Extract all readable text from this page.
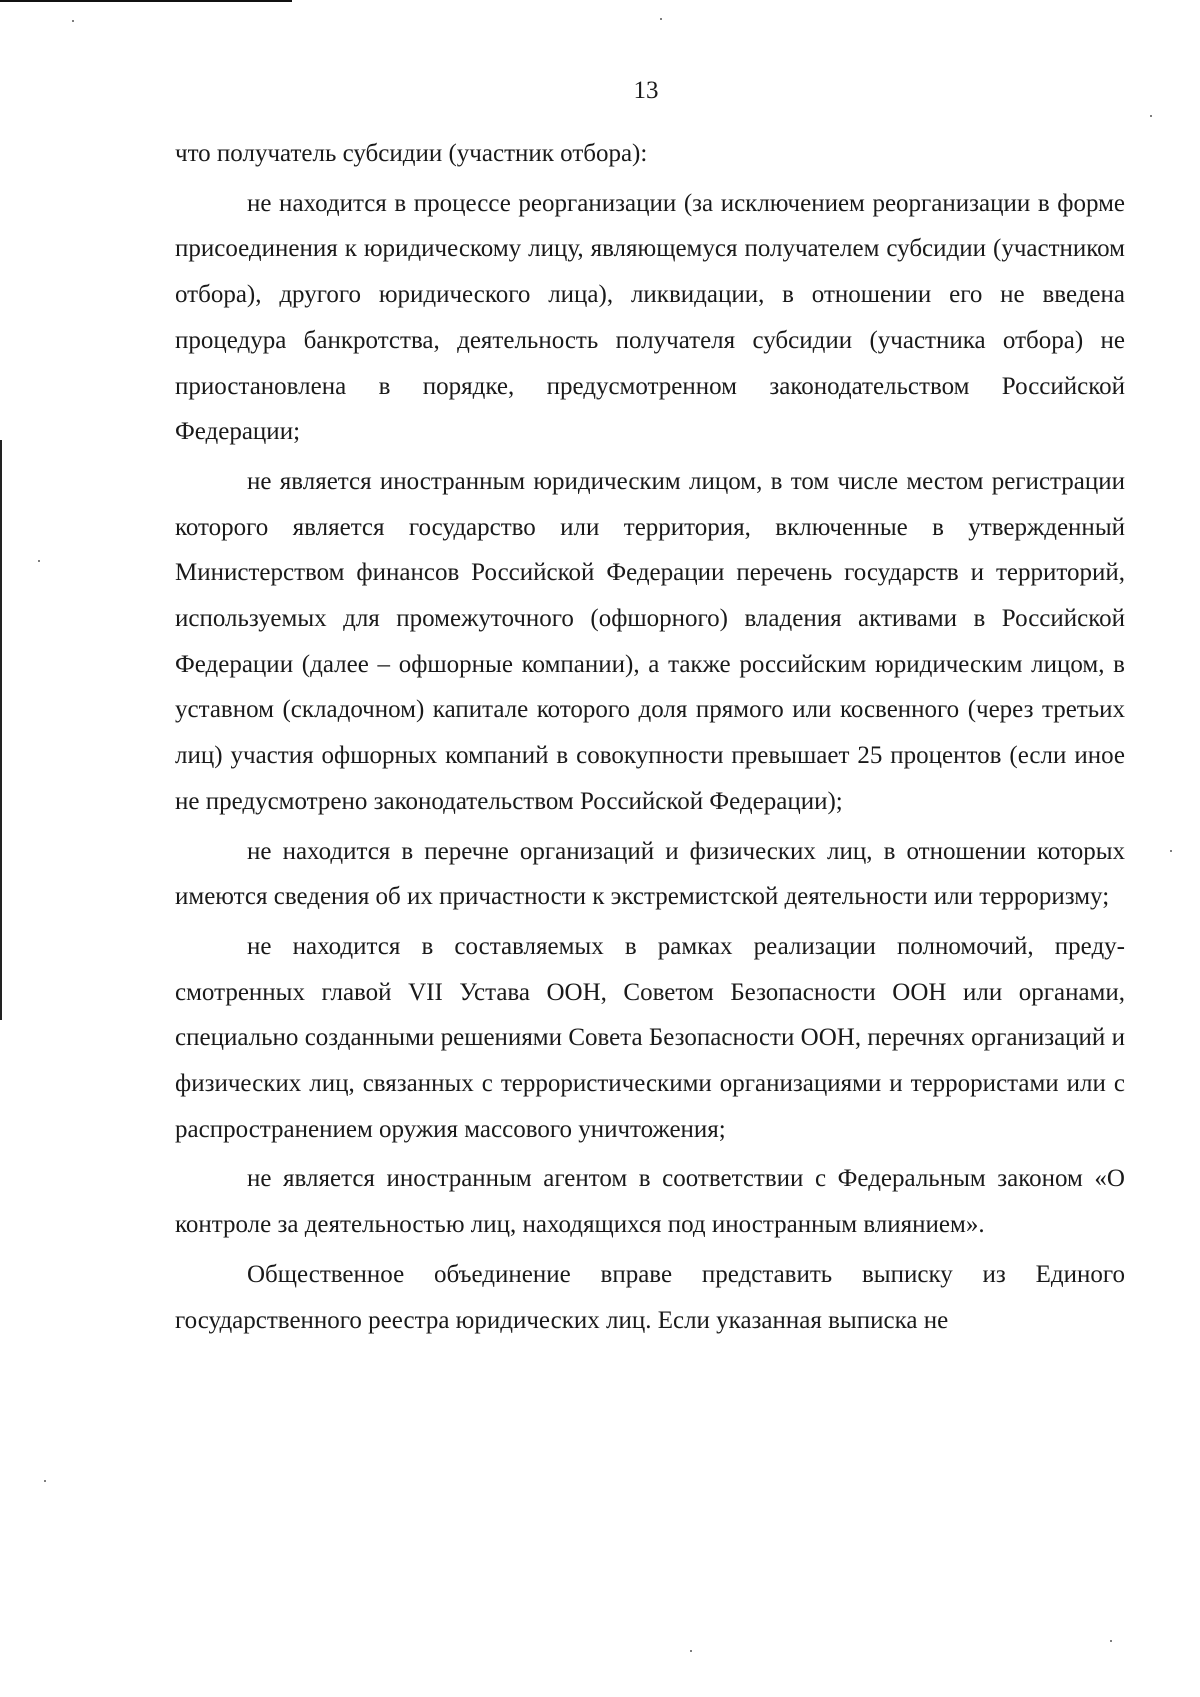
13

что получатель субсидии (участник отбора):

не находится в процессе реорганизации (за исключением реорганизации в форме присоединения к юридическому лицу, являющемуся получателем субсидии (участником отбора), другого юридического лица), ликвидации, в отношении его не введена процедура банкротства, деятельность получателя субсидии (участника отбора) не приостановлена в порядке, предусмотренном законодательством Российской Федерации;

не является иностранным юридическим лицом, в том числе местом регистрации которого является государство или территория, включенные в утвержденный Министерством финансов Российской Федерации перечень государств и территорий, используемых для промежуточного (офшорного) владения активами в Российской Федерации (далее – офшорные компании), а также российским юридическим лицом, в уставном (складочном) капитале которого доля прямого или косвенного (через третьих лиц) участия офшорных компаний в совокупности превышает 25 процентов (если иное не предусмотрено законодательством Российской Федерации);

не находится в перечне организаций и физических лиц, в отношении которых имеются сведения об их причастности к экстремистской деятельности или терроризму;

не находится в составляемых в рамках реализации полномочий, предусмотренных главой VII Устава ООН, Советом Безопасности ООН или органами, специально созданными решениями Совета Безопасности ООН, перечнях организаций и физических лиц, связанных с террористическими организациями и террористами или с распространением оружия массового уничтожения;

не является иностранным агентом в соответствии с Федеральным законом «О контроле за деятельностью лиц, находящихся под иностранным влиянием».

Общественное объединение вправе представить выписку из Единого государственного реестра юридических лиц. Если указанная выписка не
